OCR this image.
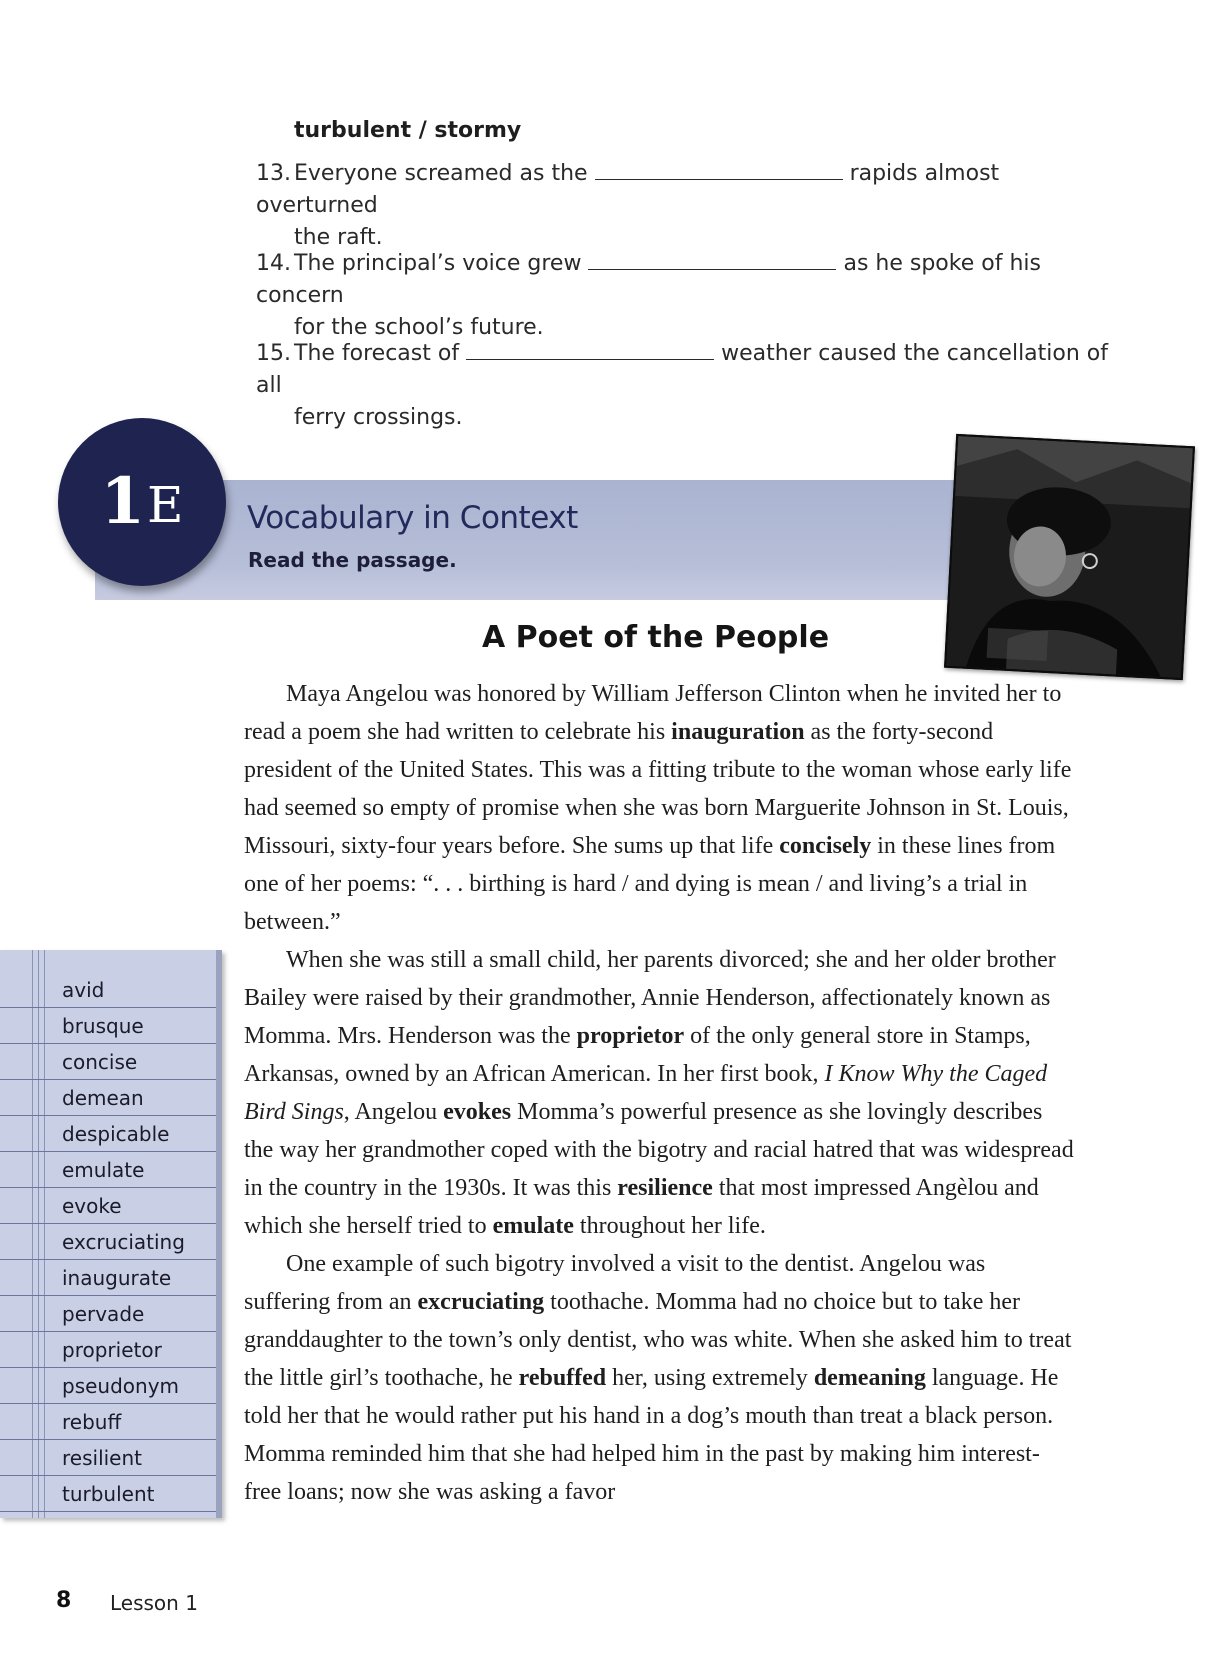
turbulent / stormy
13. Everyone screamed as the	rapids almost overturned
the raft.
14. The principal’s voice grew	as he spoke of his concern
for the school’s future.
15. The forecast of	weather caused the cancellation of all
ferry crossings.
1 E Vocabulary in Context
Read the passage.
A Poet of the People

Maya Angelou was honored by William Jefferson Clinton when he invited her to read a poem she had written to celebrate his inauguration as the forty-second president of the United States. This was a fitting tribute to the woman whose early life had seemed so empty of promise when she was born Marguerite Johnson in St. Louis, Missouri, sixty-four years before. She sums up that life concisely in these lines from one of her poems: “. . . birthing is hard / and dying is mean / and living’s a trial in between.”

When she was still a small child, her parents divorced; she and her older brother Bailey were raised by their grandmother, Annie Henderson, affectionately known as Momma. Mrs. Henderson was the proprietor of the only general store in Stamps, Arkansas, owned by an African American. In her first book, I Know Why the Caged Bird Sings, Angelou evokes Momma’s powerful presence as she lovingly describes the way her grandmother coped with the bigotry and racial hatred that was widespread in the country in the 1930s. It was this resilience that most impressed Angèlou and which she herself tried to emulate throughout her life.

One example of such bigotry involved a visit to the dentist. Angelou was suffering from an excruciating toothache. Momma had no choice but to take her granddaughter to the town’s only dentist, who was white. When she asked him to treat the little girl’s toothache, he rebuffed her, using extremely demeaning language. He told her that he would rather put his hand in a dog’s mouth than treat a black person. Momma reminded him that she had helped him in the past by making him interest-free loans; now she was asking a favor

avid
brusque
concise
demean
despicable
emulate
evoke
excruciating
inaugurate
pervade
proprietor
pseudonym
rebuff
resilient
turbulent
8 Lesson 1
